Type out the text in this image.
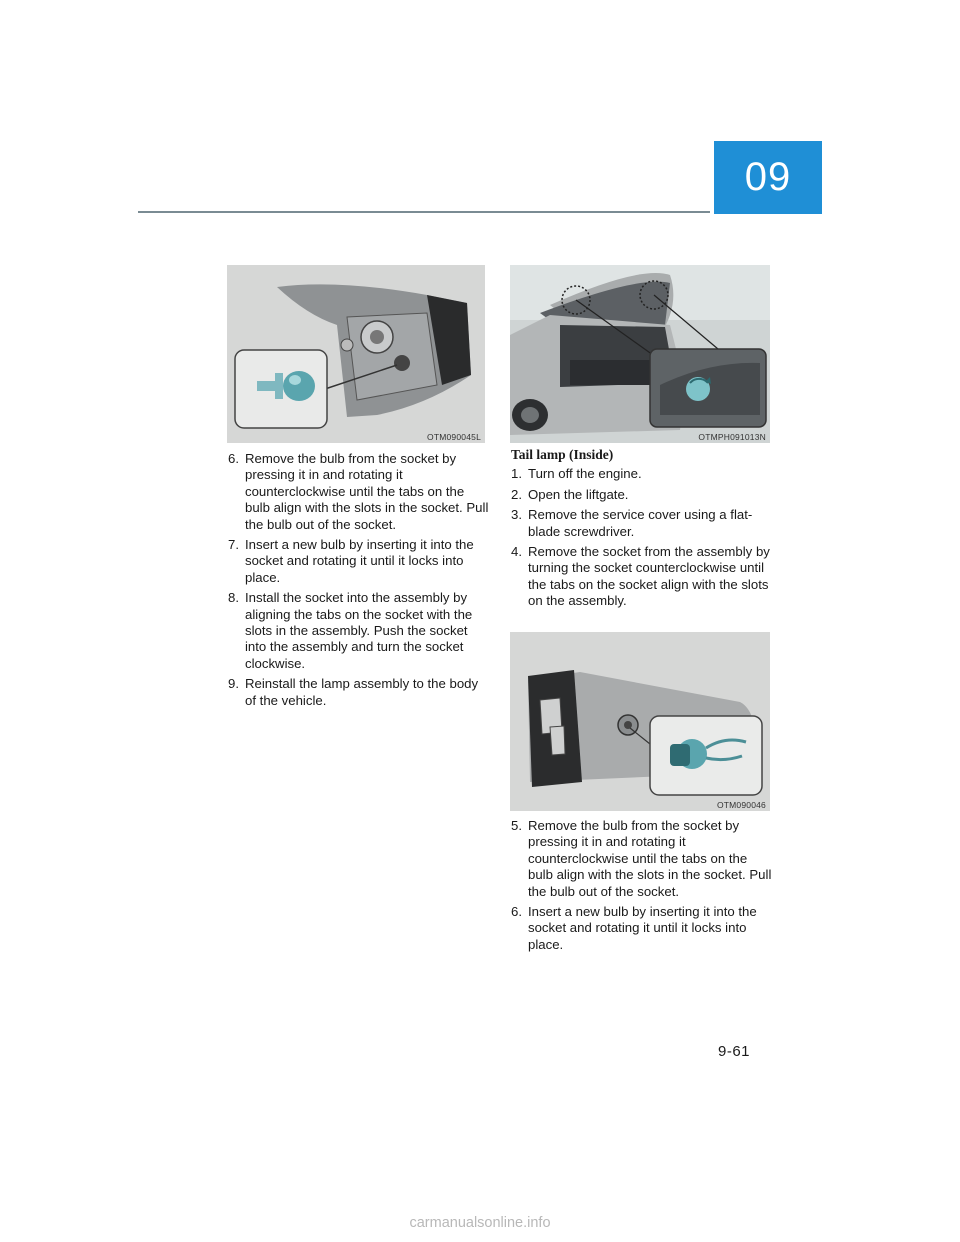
09
OTM090045L	OTMPH091013N
OTM090046
6. Remove the bulb from the socket by pressing it in and rotating it counterclockwise until the tabs on the bulb align with the slots in the socket. Pull the bulb out of the socket.
7. Insert a new bulb by inserting it into the socket and rotating it until it locks into place.
8. Install the socket into the assembly by aligning the tabs on the socket with the slots in the assembly. Push the socket into the assembly and turn the socket clockwise.
9. Reinstall the lamp assembly to the body of the vehicle.
Tail lamp (Inside)
1. Turn off the engine.
2. Open the liftgate.
3. Remove the service cover using a flat-blade screwdriver.
4. Remove the socket from the assembly by turning the socket counterclockwise until the tabs on the socket align with the slots on the assembly.
5. Remove the bulb from the socket by pressing it in and rotating it counterclockwise until the tabs on the bulb align with the slots in the socket. Pull the bulb out of the socket.
6. Insert a new bulb by inserting it into the socket and rotating it until it locks into place.
9-61
carmanualsonline.info
